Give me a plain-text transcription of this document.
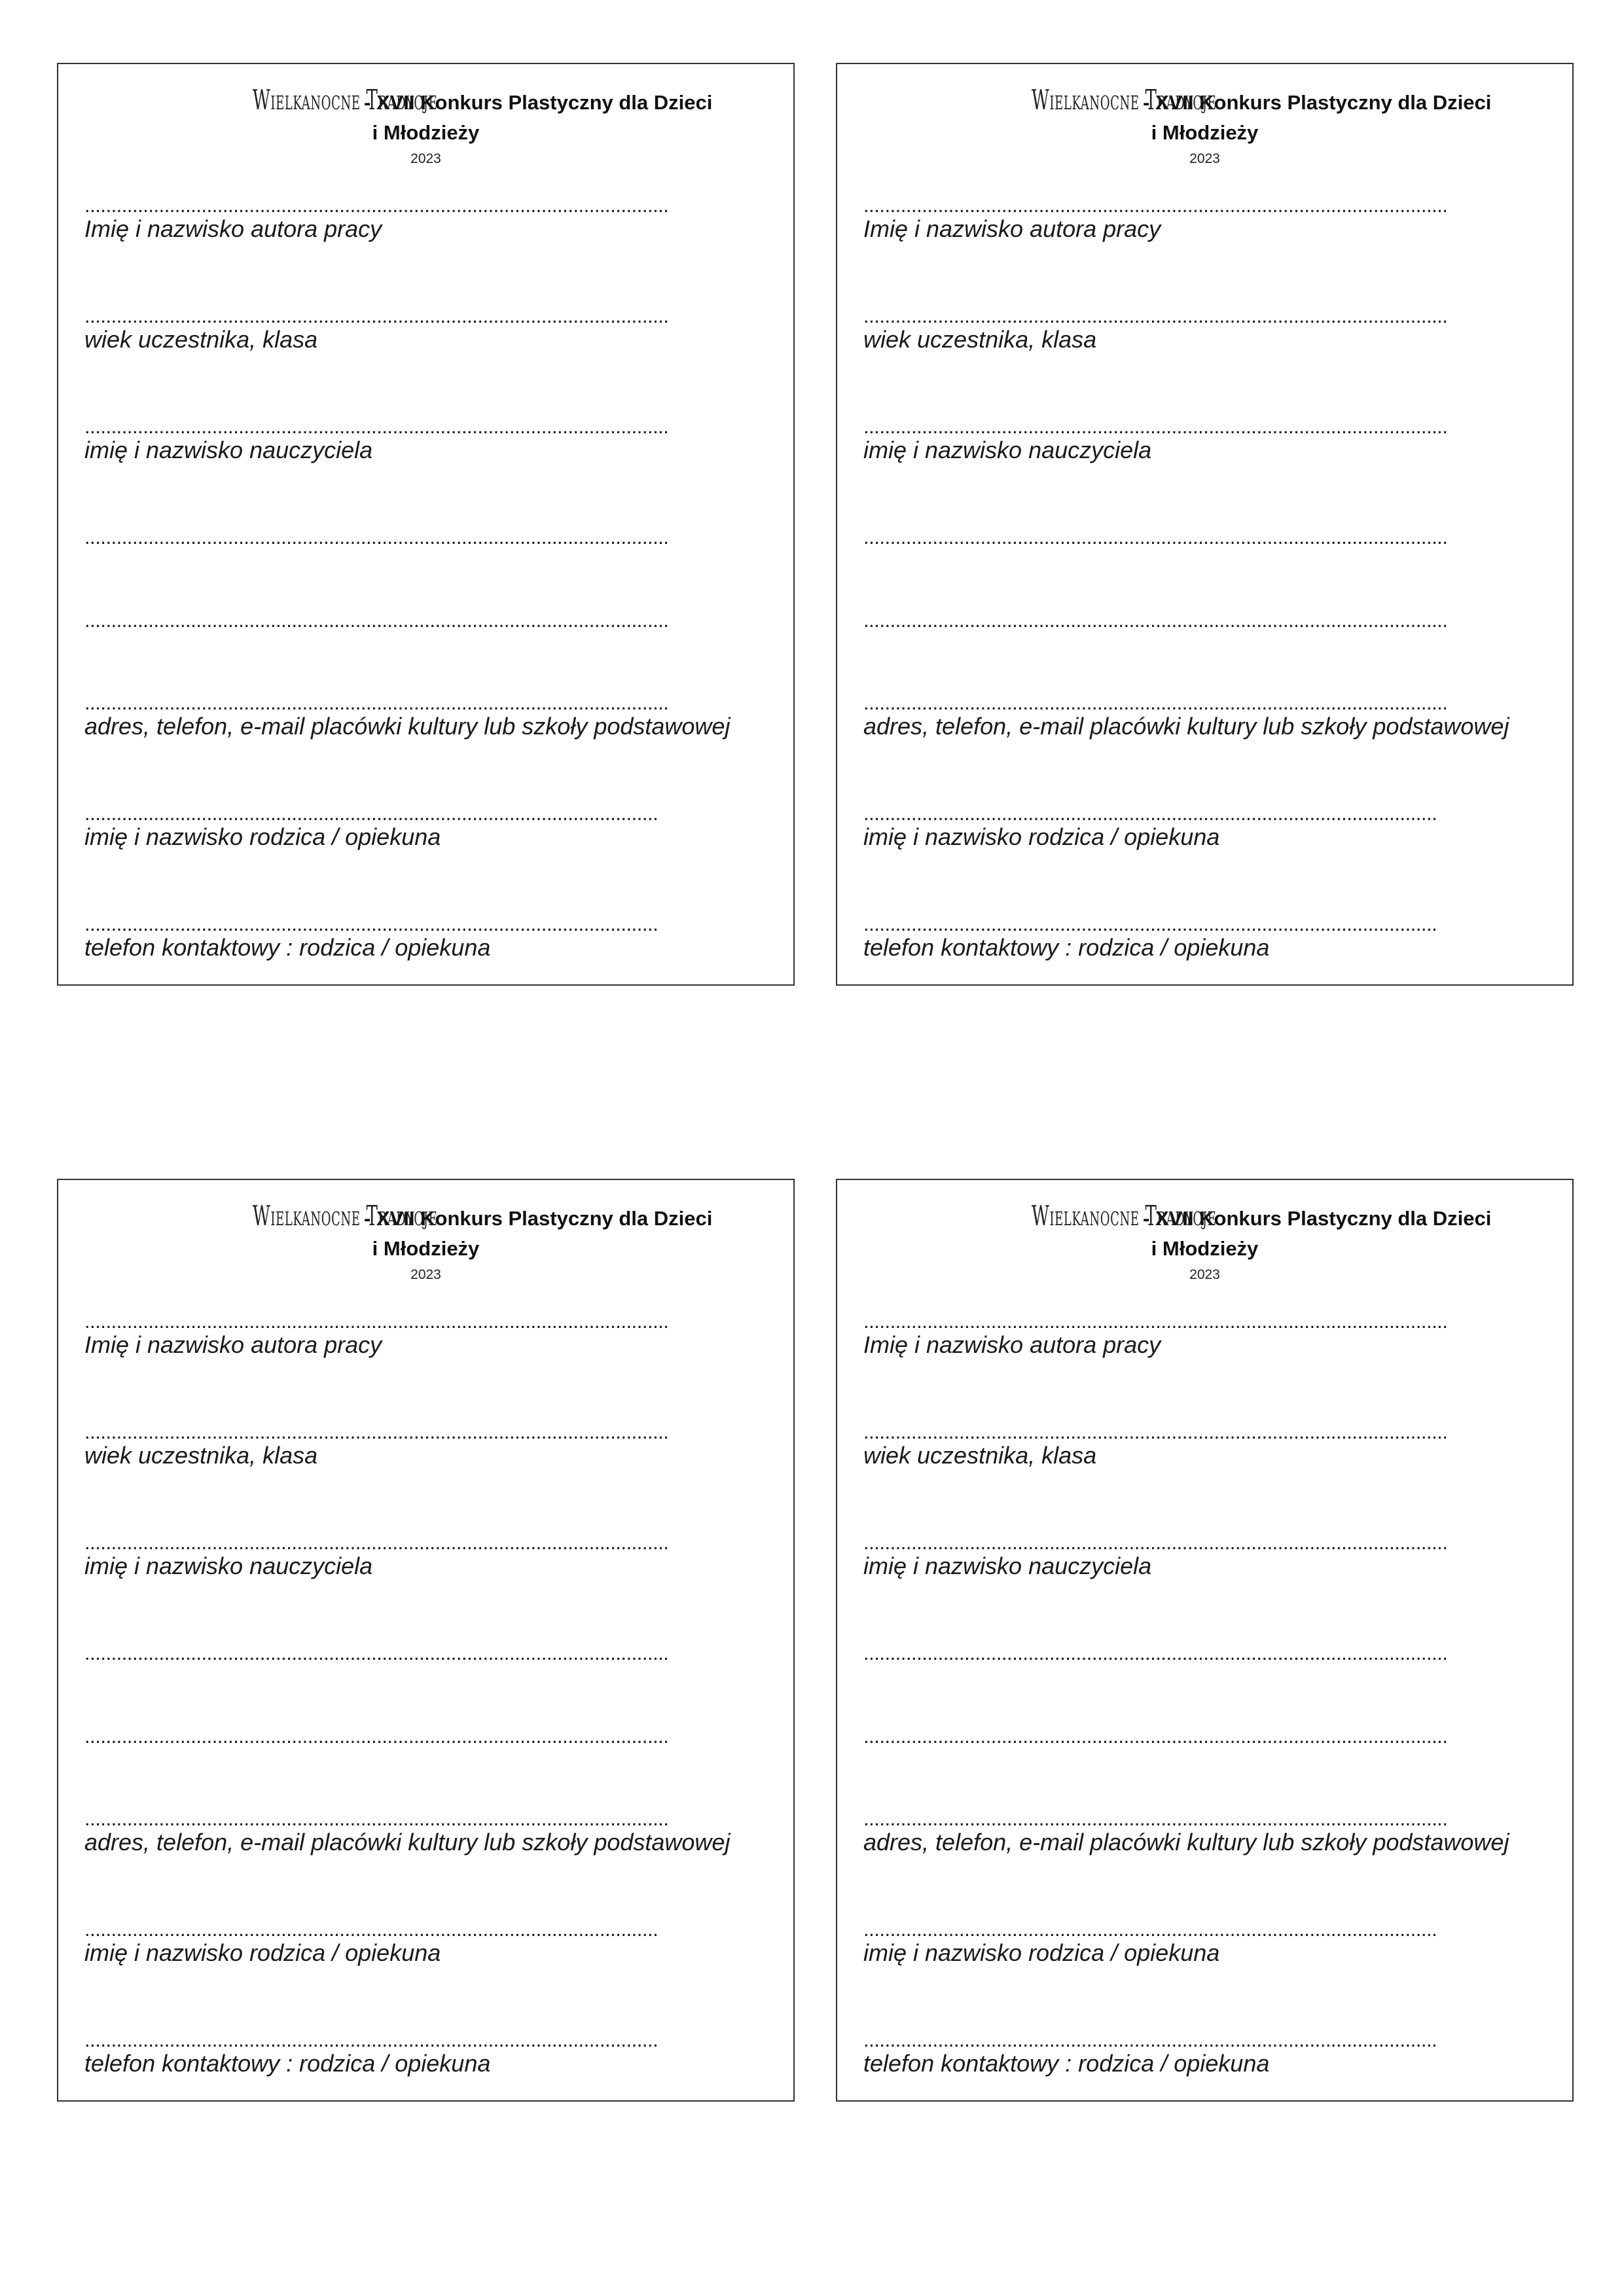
Wielkanocne Tradycje
- XVII Konkurs Plastyczny dla Dzieci
i Młodzieży
2023
..............................................................................................................
Imię i nazwisko autora pracy
..............................................................................................................
wiek uczestnika, klasa
..............................................................................................................
imię i nazwisko nauczyciela
..............................................................................................................
..............................................................................................................
..............................................................................................................
adres, telefon, e-mail placówki kultury lub szkoły podstawowej
............................................................................................................
imię i nazwisko rodzica / opiekuna
............................................................................................................
telefon kontaktowy : rodzica / opiekuna
Wielkanocne Tradycje
- XVII Konkurs Plastyczny dla Dzieci
i Młodzieży
2023
..............................................................................................................
Imię i nazwisko autora pracy
..............................................................................................................
wiek uczestnika, klasa
..............................................................................................................
imię i nazwisko nauczyciela
..............................................................................................................
..............................................................................................................
..............................................................................................................
adres, telefon, e-mail placówki kultury lub szkoły podstawowej
............................................................................................................
imię i nazwisko rodzica / opiekuna
............................................................................................................
telefon kontaktowy : rodzica / opiekuna
Wielkanocne Tradycje
- XVII Konkurs Plastyczny dla Dzieci
i Młodzieży
2023
..............................................................................................................
Imię i nazwisko autora pracy
..............................................................................................................
wiek uczestnika, klasa
..............................................................................................................
imię i nazwisko nauczyciela
..............................................................................................................
..............................................................................................................
..............................................................................................................
adres, telefon, e-mail placówki kultury lub szkoły podstawowej
............................................................................................................
imię i nazwisko rodzica / opiekuna
............................................................................................................
telefon kontaktowy : rodzica / opiekuna
Wielkanocne Tradycje
- XVII Konkurs Plastyczny dla Dzieci
i Młodzieży
2023
..............................................................................................................
Imię i nazwisko autora pracy
..............................................................................................................
wiek uczestnika, klasa
..............................................................................................................
imię i nazwisko nauczyciela
..............................................................................................................
..............................................................................................................
..............................................................................................................
adres, telefon, e-mail placówki kultury lub szkoły podstawowej
............................................................................................................
imię i nazwisko rodzica / opiekuna
............................................................................................................
telefon kontaktowy : rodzica / opiekuna
